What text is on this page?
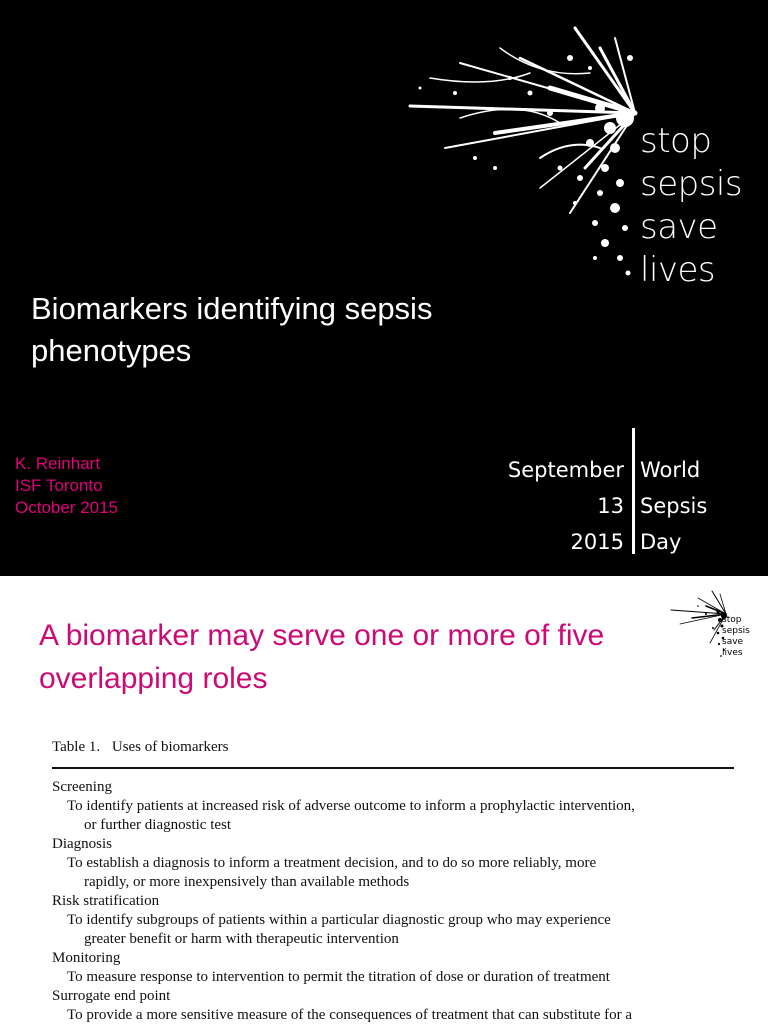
stop
sepsis
save
lives
Biomarkers identifying sepsis phenotypes
K. Reinhart
ISF Toronto
October 2015
September
13
2015
World
Sepsis
Day
A biomarker may serve one or more of five overlapping roles
stop
sepsis
save
lives
Table 1. Uses of biomarkers
Screening
To identify patients at increased risk of adverse outcome to inform a prophylactic intervention,
or further diagnostic test
Diagnosis
To establish a diagnosis to inform a treatment decision, and to do so more reliably, more
rapidly, or more inexpensively than available methods
Risk stratification
To identify subgroups of patients within a particular diagnostic group who may experience
greater benefit or harm with therapeutic intervention
Monitoring
To measure response to intervention to permit the titration of dose or duration of treatment
Surrogate end point
To provide a more sensitive measure of the consequences of treatment that can substitute for a
